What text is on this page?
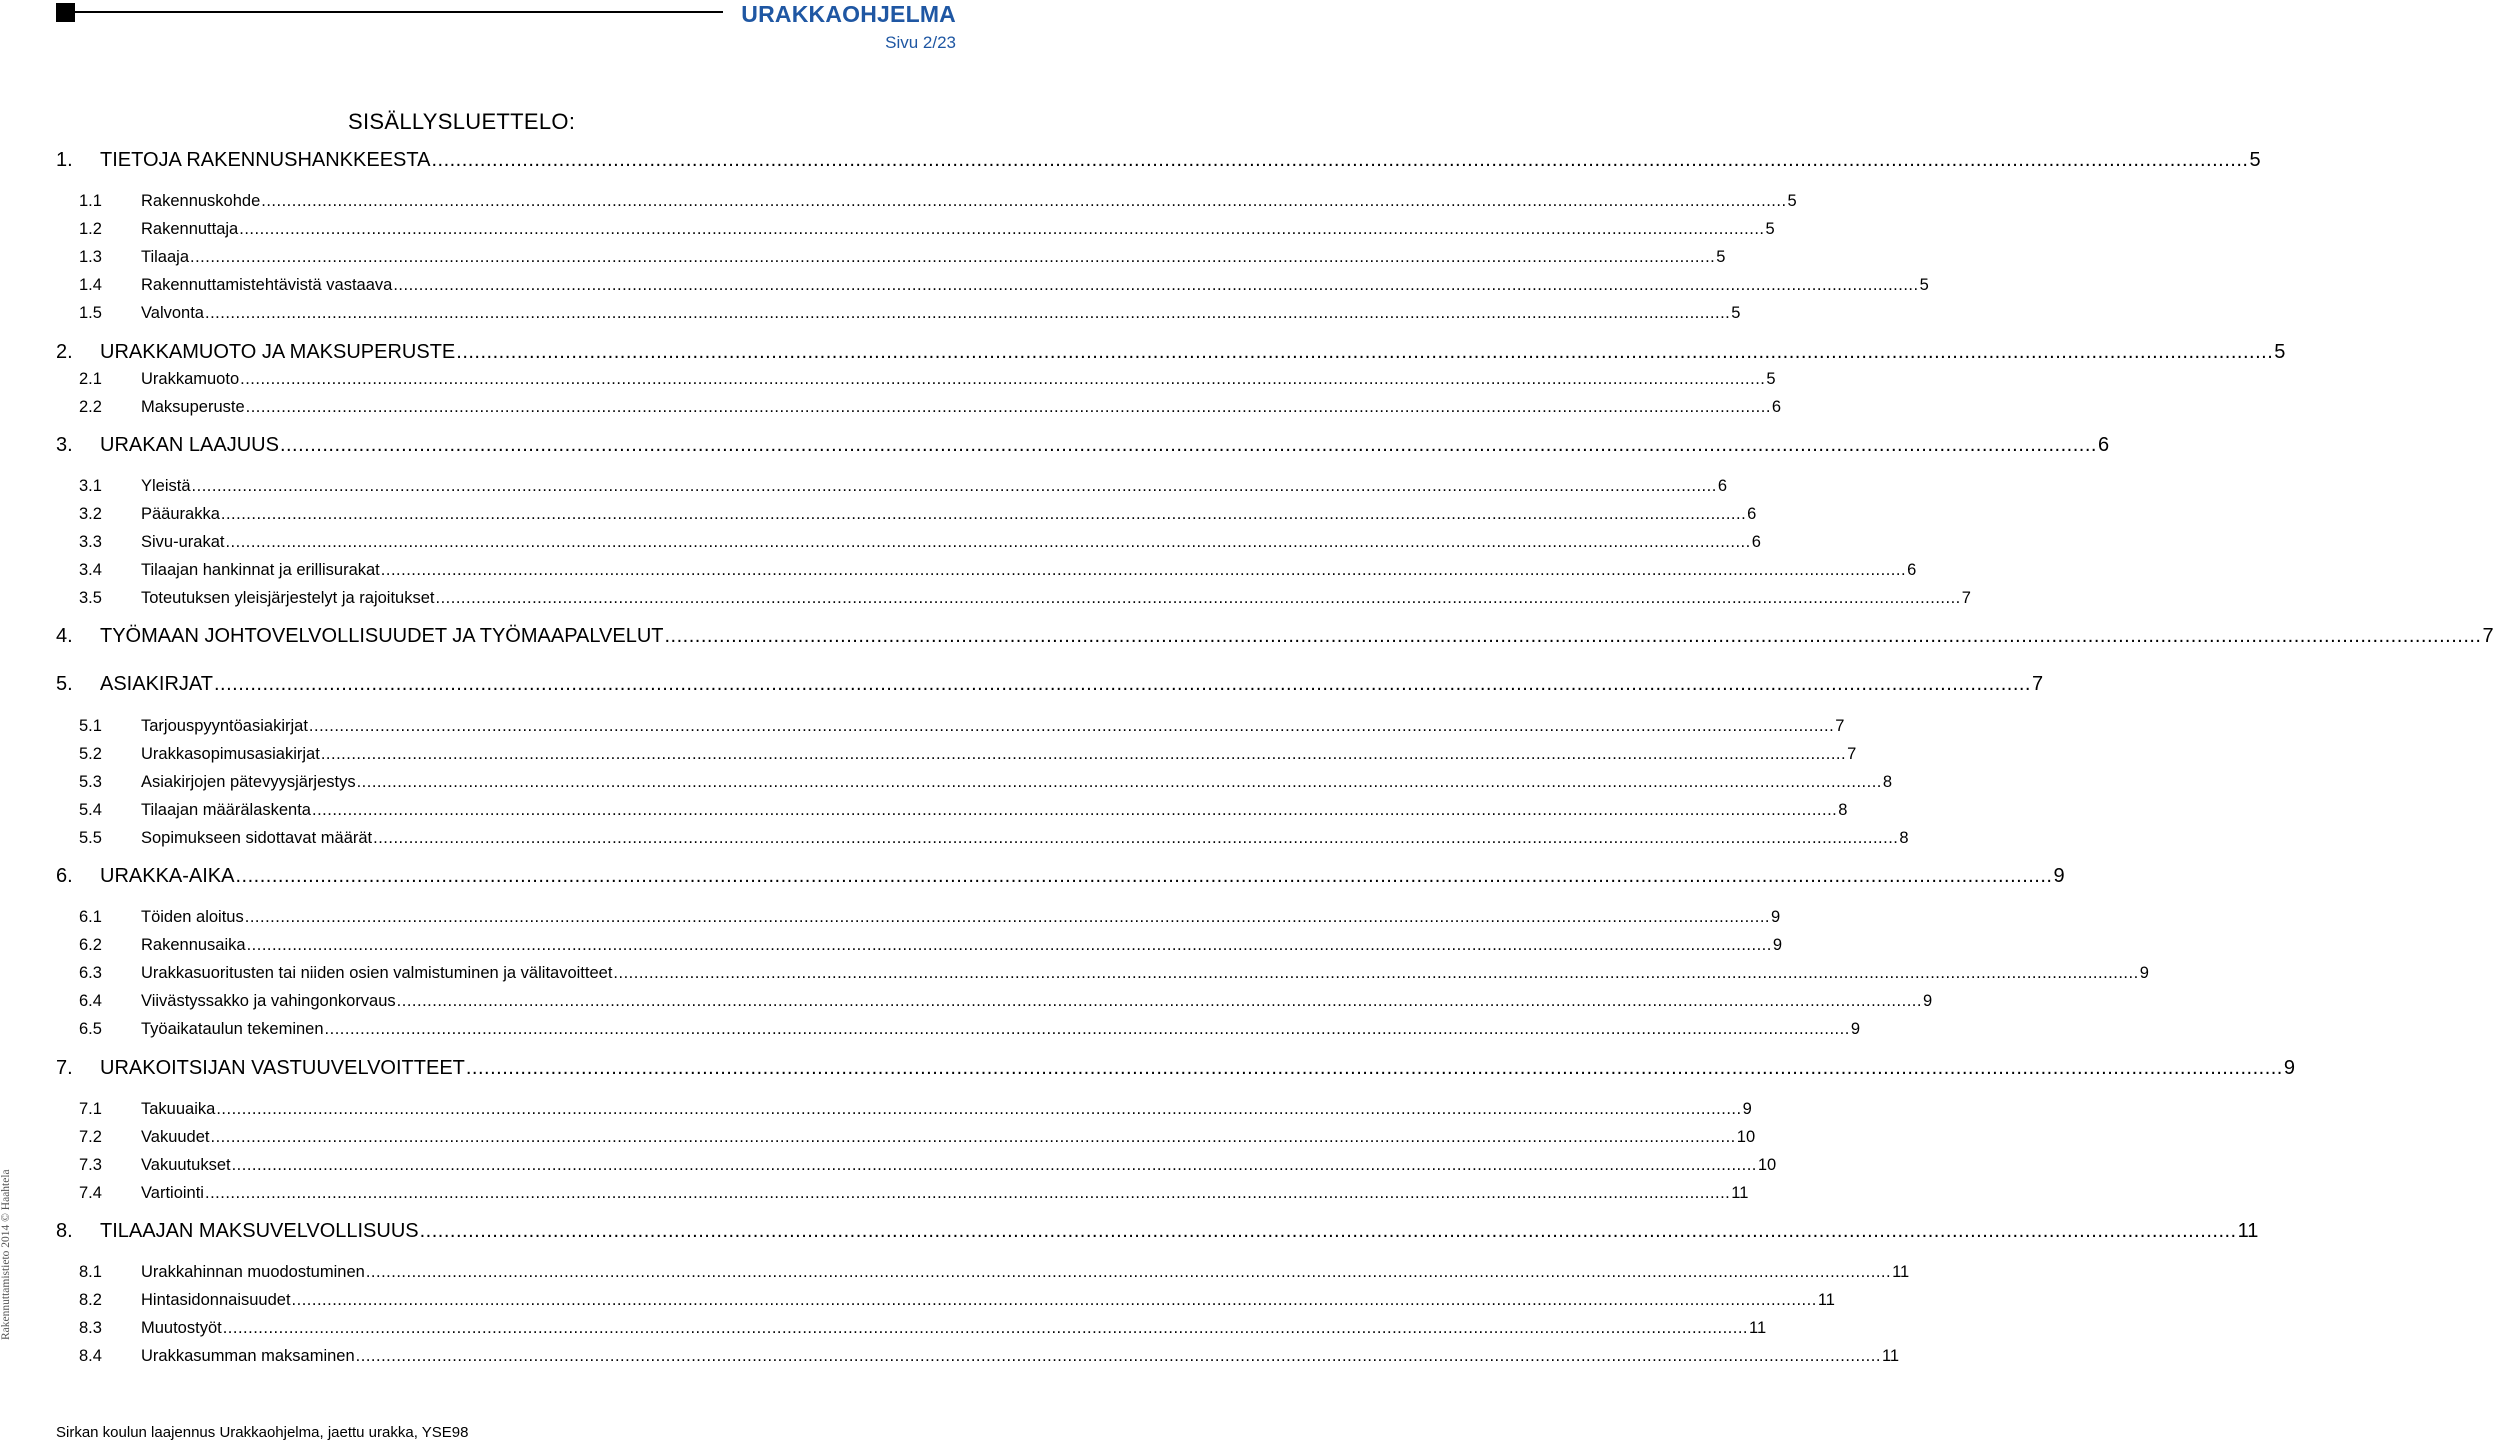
URAKKAOHJELMA
Sivu 2/23
SISÄLLYSLUETTELO:
1. TIETOJA RAKENNUSHANKKEESTA ............................................................................................................................................................................................................................................................................................................ 5
1.1 Rakennuskohde ............................................................................................................................................................................................................................................................................................................ 5
1.2 Rakennuttaja ............................................................................................................................................................................................................................................................................................................ 5
1.3 Tilaaja ............................................................................................................................................................................................................................................................................................................ 5
1.4 Rakennuttamistehtävistä vastaava ............................................................................................................................................................................................................................................................................................................ 5
1.5 Valvonta ............................................................................................................................................................................................................................................................................................................ 5
2. URAKKAMUOTO JA MAKSUPERUSTE ............................................................................................................................................................................................................................................................................................................ 5
2.1 Urakkamuoto ............................................................................................................................................................................................................................................................................................................ 5
2.2 Maksuperuste ............................................................................................................................................................................................................................................................................................................ 6
3. URAKAN LAAJUUS ............................................................................................................................................................................................................................................................................................................ 6
3.1 Yleistä ............................................................................................................................................................................................................................................................................................................ 6
3.2 Pääurakka ............................................................................................................................................................................................................................................................................................................ 6
3.3 Sivu-urakat ............................................................................................................................................................................................................................................................................................................ 6
3.4 Tilaajan hankinnat ja erillisurakat ............................................................................................................................................................................................................................................................................................................ 6
3.5 Toteutuksen yleisjärjestelyt ja rajoitukset ............................................................................................................................................................................................................................................................................................................ 7
4. TYÖMAAN JOHTOVELVOLLISUUDET JA TYÖMAAPALVELUT ............................................................................................................................................................................................................................................................................................................ 7
5. ASIAKIRJAT ............................................................................................................................................................................................................................................................................................................ 7
5.1 Tarjouspyyntöasiakirjat ............................................................................................................................................................................................................................................................................................................ 7
5.2 Urakkasopimusasiakirjat ............................................................................................................................................................................................................................................................................................................ 7
5.3 Asiakirjojen pätevyysjärjestys ............................................................................................................................................................................................................................................................................................................ 8
5.4 Tilaajan määrälaskenta ............................................................................................................................................................................................................................................................................................................ 8
5.5 Sopimukseen sidottavat määrät ............................................................................................................................................................................................................................................................................................................ 8
6. URAKKA-AIKA ............................................................................................................................................................................................................................................................................................................ 9
6.1 Töiden aloitus ............................................................................................................................................................................................................................................................................................................ 9
6.2 Rakennusaika ............................................................................................................................................................................................................................................................................................................ 9
6.3 Urakkasuoritusten tai niiden osien valmistuminen ja välitavoitteet ............................................................................................................................................................................................................................................................................................................ 9
6.4 Viivästyssakko ja vahingonkorvaus ............................................................................................................................................................................................................................................................................................................ 9
6.5 Työaikataulun tekeminen ............................................................................................................................................................................................................................................................................................................ 9
7. URAKOITSIJAN VASTUUVELVOITTEET ............................................................................................................................................................................................................................................................................................................ 9
7.1 Takuuaika ............................................................................................................................................................................................................................................................................................................ 9
7.2 Vakuudet ............................................................................................................................................................................................................................................................................................................ 10
7.3 Vakuutukset ............................................................................................................................................................................................................................................................................................................ 10
7.4 Vartiointi ............................................................................................................................................................................................................................................................................................................ 11
8. TILAAJAN MAKSUVELVOLLISUUS ............................................................................................................................................................................................................................................................................................................ 11
8.1 Urakkahinnan muodostuminen ............................................................................................................................................................................................................................................................................................................ 11
8.2 Hintasidonnaisuudet ............................................................................................................................................................................................................................................................................................................ 11
8.3 Muutostyöt ............................................................................................................................................................................................................................................................................................................ 11
8.4 Urakkasumman maksaminen ............................................................................................................................................................................................................................................................................................................ 11
Rakennuttamistieto 2014 © Haahtela
Sirkan koulun laajennus Urakkaohjelma, jaettu urakka, YSE98
